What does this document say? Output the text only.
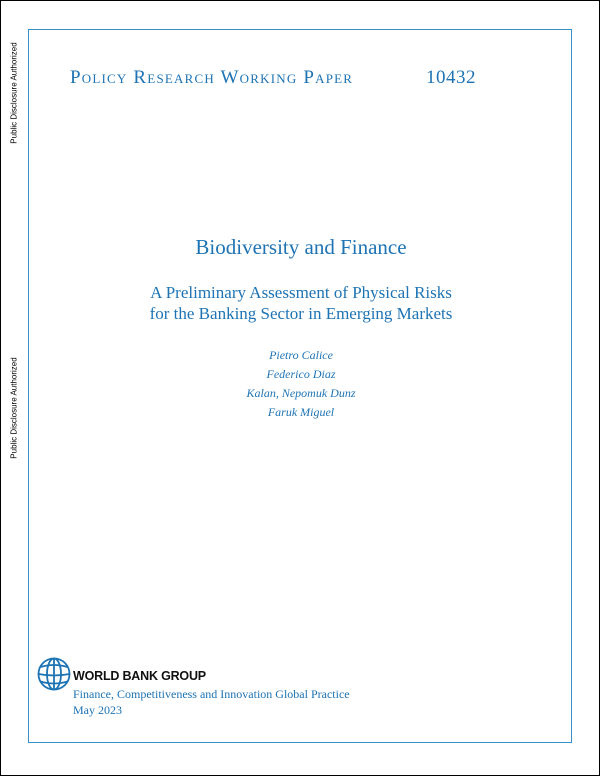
Public Disclosure Authorized
Public Disclosure Authorized
Policy Research Working Paper	10432
Biodiversity and Finance
A Preliminary Assessment of Physical Risks
for the Banking Sector in Emerging Markets
Pietro Calice
Federico Diaz
Kalan, Nepomuk Dunz
Faruk Miguel
WORLD BANK GROUP
Finance, Competitiveness and Innovation Global Practice
May 2023
